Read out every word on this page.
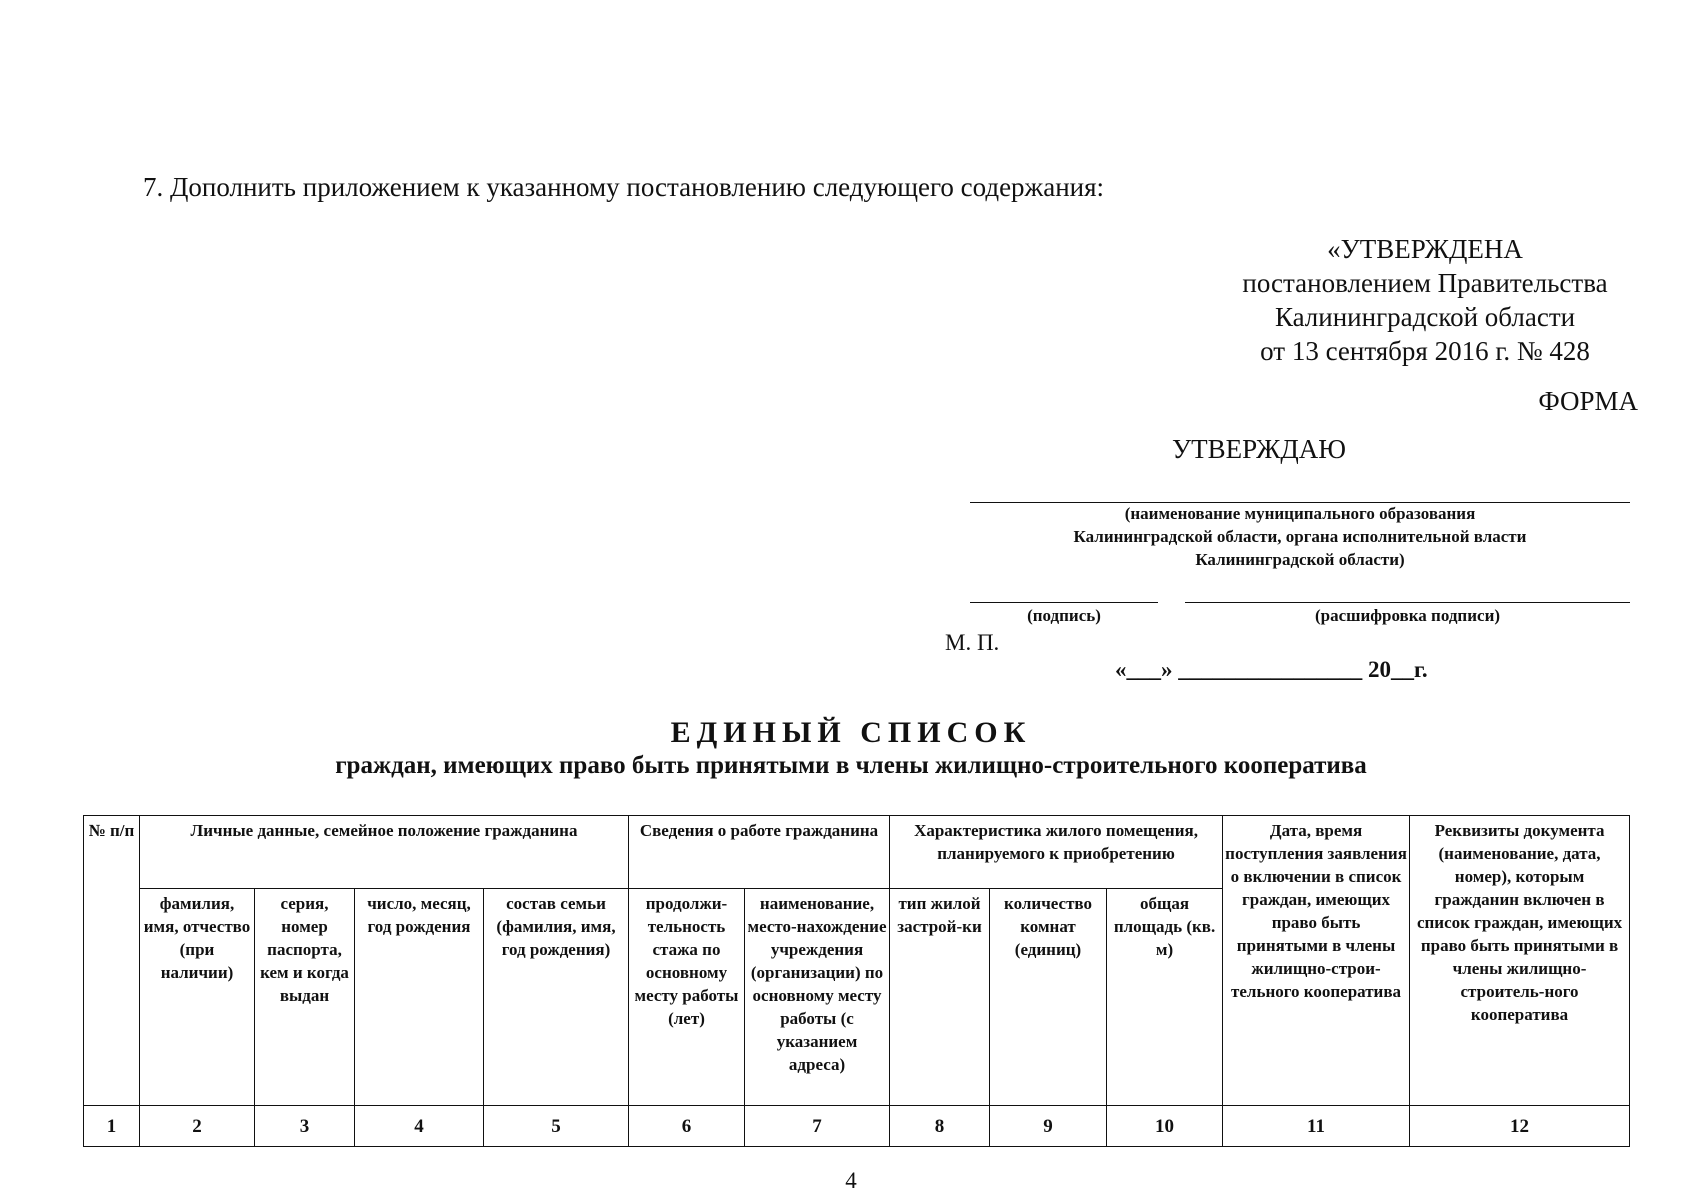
7. Дополнить приложением к указанному постановлению следующего содержания:
«УТВЕРЖДЕНА
постановлением Правительства
Калининградской области
от 13 сентября 2016 г. № 428
ФОРМА
УТВЕРЖДАЮ
(наименование муниципального образования
Калининградской области, органа исполнительной власти
Калининградской области)
(подпись)	(расшифровка подписи)
М. П.
«___» ________________ 20__г.
ЕДИНЫЙ СПИСОК
граждан, имеющих право быть принятыми в члены жилищно-строительного кооператива
№ п/п	Личные данные, семейное положение гражданина				Сведения о работе гражданина		Характеристика жилого помещения, планируемого к приобретению			Дата, время поступления заявления о включении в список граждан, имеющих право быть принятыми в члены жилищно-строи-тельного кооператива	Реквизиты документа (наименование, дата, номер), которым гражданин включен в список граждан, имеющих право быть принятыми в члены жилищно-строитель-ного кооператива
	фамилия, имя, отчество (при наличии)	серия, номер паспорта, кем и когда выдан	число, месяц, год рождения	состав семьи (фамилия, имя, год рождения)	продолжи-тельность стажа по основному месту работы (лет)	наименование, место-нахождение учреждения (организации) по основному месту работы (с указанием адреса)	тип жилой застрой-ки	количество комнат (единиц)	общая площадь (кв. м)		
1	2	3	4	5	6	7	8	9	10	11	12
4
